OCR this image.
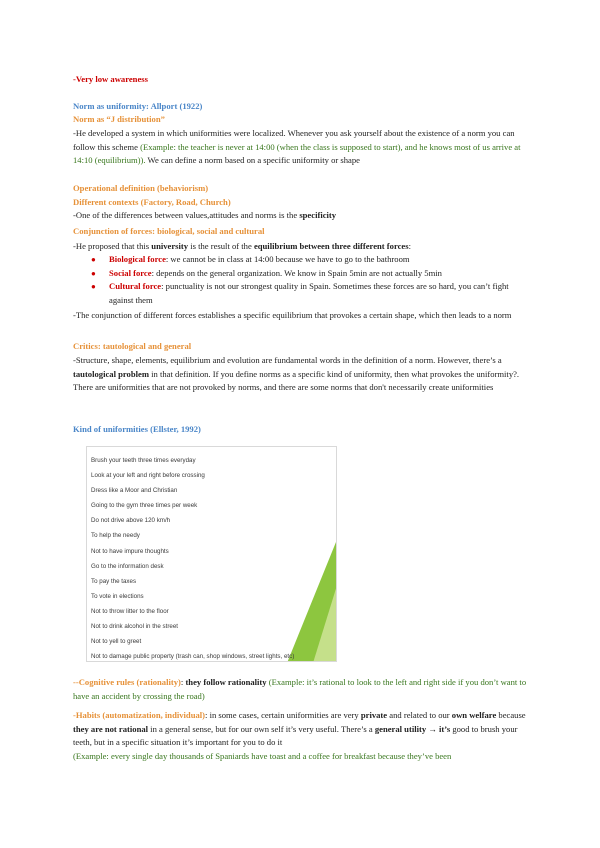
-Very low awareness
Norm as uniformity: Allport (1922)
Norm as “J distribution”
-He developed a system in which uniformities were localized. Whenever you ask yourself about the existence of a norm you can follow this scheme (Example: the teacher is never at 14:00 (when the class is supposed to start), and he knows most of us arrive at 14:10 (equilibrium)). We can define a norm based on a specific uniformity or shape
Operational definition (behaviorism)
Different contexts (Factory, Road, Church)
-One of the differences between values,attitudes and norms is the specificity
Conjunction of forces: biological, social and cultural
-He proposed that this university is the result of the equilibrium between three different forces:
● Biological force: we cannot be in class at 14:00 because we have to go to the bathroom
● Social force: depends on the general organization. We know in Spain 5min are not actually 5min
● Cultural force: punctuality is not our strongest quality in Spain. Sometimes these forces are so hard, you can’t fight against them
-The conjunction of different forces establishes a specific equilibrium that provokes a certain shape, which then leads to a norm
Critics: tautological and general
-Structure, shape, elements, equilibrium and evolution are fundamental words in the definition of a norm. However, there’s a tautological problem in that definition. If you define norms as a specific kind of uniformity, then what provokes the uniformity?. There are uniformities that are not provoked by norms, and there are some norms that don't necessarily create uniformities
Kind of uniformities (Ellster, 1992)
Brush your teeth three times everyday
Look at your left and right before crossing
Dress like a Moor and Christian
Going to the gym three times per week
Do not drive above 120 km/h
To help the needy
Not to have impure thoughts
Go to the information desk
To pay the taxes
To vote in elections
Not to throw litter to the floor
Not to drink alcohol in the street
Not to yell to greet
Not to damage public property (trash can, shop windows, street lights, etc)
--Cognitive rules (rationality): they follow rationality (Example: it’s rational to look to the left and right side if you don’t want to have an accident by crossing the road)
-Habits (automatization, individual): in some cases, certain uniformities are very private and related to our own welfare because they are not rational in a general sense, but for our own self it’s very useful. There’s a general utility → it’s good to brush your teeth, but in a specific situation it’s important for you to do it
(Example: every single day thousands of Spaniards have toast and a coffee for breakfast because they’ve been
